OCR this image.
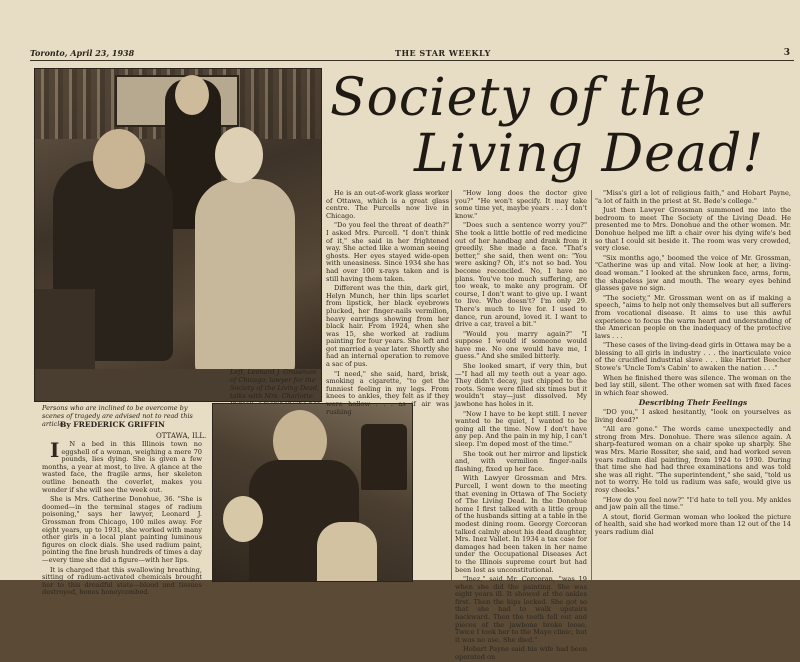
Toronto, April 23, 1938	THE STAR WEEKLY	3
Society of the
Living Dead!
Left, Leonard J. Grossman of Chicago, lawyer for the Society of the Living Dead, talks with Mrs. Charlotte
Persons who are inclined to be overcome by scenes of tragedy are advised not to read this article.
By FREDERICK GRIFFIN
OTTAWA, ILL.

I N a bed in this Illinois town no eggshell of a woman, weighing a mere 70 pounds, lies dying. She is given a few months, a year at most, to live. A glance at the wasted face, the fragile arms, her skeleton outline beneath the coverlet, makes you wonder if she will see the week out.

She is Mrs. Catherine Donohue, 36. "She is doomed—in the terminal stages of radium poisoning," says her lawyer, Leonard J. Grossman from Chicago, 100 miles away. For eight years, up to 1931, she worked with many other girls in a local plant painting luminous figures on clock dials. She used radium paint, pointing the fine brush hundreds of times a day—every time she did a figure—with her lips.

It is charged that this swallowing breathing, sitting of radium-activated chemicals brought her to this dreadful state—blood and tissues destroyed, bones honeycombed.

He is an out-of-work glass worker of Ottawa, which is a great glass centre. The Purcells now live in Chicago.

"Do you feel the threat of death?" I asked Mrs. Purcell. "I don't think of it," she said in her frightened way. She acted like a woman seeing ghosts. Her eyes stayed wide-open with uneasiness. Since 1934 she has had over 100 x-rays taken and is still having them taken.

Different was the thin, dark girl, Helyn Munch, her thin lips scarlet from lipstick, her black eyebrows plucked, her finger-nails vermilion, heavy earrings showing from her black hair. From 1924, when she was 15, she worked at radium painting for four years. She left and got married a year later. Shortly she had an internal operation to remove a sac of pus.

"I need," she said, hard, brisk, smoking a cigarette, "to get the funniest feeling in my legs. From knees to ankles, they felt as if they were hollow . . . as if air was rushing

"How long does the doctor give you?" "He won't specify. It may take some time yet, maybe years . . . I don't know."

"Does such a sentence worry you?" She took a little bottle of red medicine out of her handbag and drank from it greedily. She made a face. "That's better," she said, then went on: "You were asking? Oh, it's not so bad. You become reconciled. No, I have no plans. You've too much suffering, are too weak, to make any program. Of course, I don't want to give up. I want to live. Who doesn't? I'm only 29. There's much to live for. I used to dance, run around, loved it. I want to drive a car, travel a bit."

"Would you marry again?" "I suppose I would if someone would have me. No one would have me, I guess." And she smiled bitterly.

She looked smart, if very thin, but—"I had all my teeth out a year ago. They didn't decay, just chipped to the roots. Some were filled six times but it wouldn't stay—just dissolved. My jawbone has holes in it.

"Now I have to be kept still. I never wanted to be quiet, I wanted to be going all the time. Now I don't have any pep. And the pain in my hip, I can't sleep. I'm doped most of the time."

She took out her mirror and lipstick and, with vermilion finger-nails flashing, fixed up her face.

With Lawyer Grossman and Mrs. Purcell, I went down to the meeting that evening in Ottawa of The Society of The Living Dead. In the Donohue home I first talked with a little group of the husbands sitting at a table in the modest dining room. Georgy Corcoran talked calmly about his dead daughter, Mrs. Inez Vallet. In 1934 a tax case for damages had been taken in her name under the Occupational Diseases Act to the Illinois supreme court but had been lost as unconstitutional.

"Inez," said Mr. Corcoran, "was 19 when she did the painting. She was eight years ill. It showed at the ankles first. Then the hips locked. She got so that she had to walk upstairs backward. Then the teeth fell out and pieces of the jawbone broke loose. Twice I took her to the Mayo clinic, but it was no use. She died."

Hobart Payne said his wife had been operated on

"Miss's girl a lot of religious faith," and Hobart Payne, "a lot of faith in the priest at St. Bede's college."

Just then Lawyer Grossman summoned me into the bedroom to meet The Society of the Living Dead. He presented me to Mrs. Donohue and the other women. Mr. Donohue helped me lift a chair over his dying wife's bed so that I could sit beside it. The room was very crowded, very close.

"Six months ago," boomed the voice of Mr. Grossman, "Catherine was up and vital. Now look at her, a living-dead woman." I looked at the shrunken face, arms, form, the shapeless jaw and mouth. The weary eyes behind glasses gave no sign.

"The society," Mr. Grossman went on as if making a speech, "aims to help not only themselves but all sufferers from vocational disease. It aims to use this awful experience to focus the warm heart and understanding of the American people on the inadequacy of the protective laws . . .

"These cases of the living-dead girls in Ottawa may be a blessing to all girls in industry . . . the inarticulate voice of the crucified industrial slave . . . like Harriet Beecher Stowe's 'Uncle Tom's Cabin' to awaken the nation . . ."

When he finished there was silence. The woman on the bed lay still, silent. The other women sat with fixed faces in which fear showed.

Describing Their Feelings

"DO you," I asked hesitantly, "look on yourselves as living dead?"

"All are gone." The words came unexpectedly and strong from Mrs. Donohue. There was silence again. A sharp-featured woman on a chair spoke up sharply. She was Mrs. Marie Rossiter, she said, and had worked seven years radium dial painting, from 1924 to 1930. During that time she had had three examinations and was told she was all right. "The superintendent," she said, "told us not to worry. He told us radium was safe, would give us rosy cheeks."

"How do you feel now?" "I'd hate to tell you. My ankles and jaw pain all the time."

A stout, florid German woman who looked the picture of health, said she had worked more than 12 out of the 14 years radium dial
